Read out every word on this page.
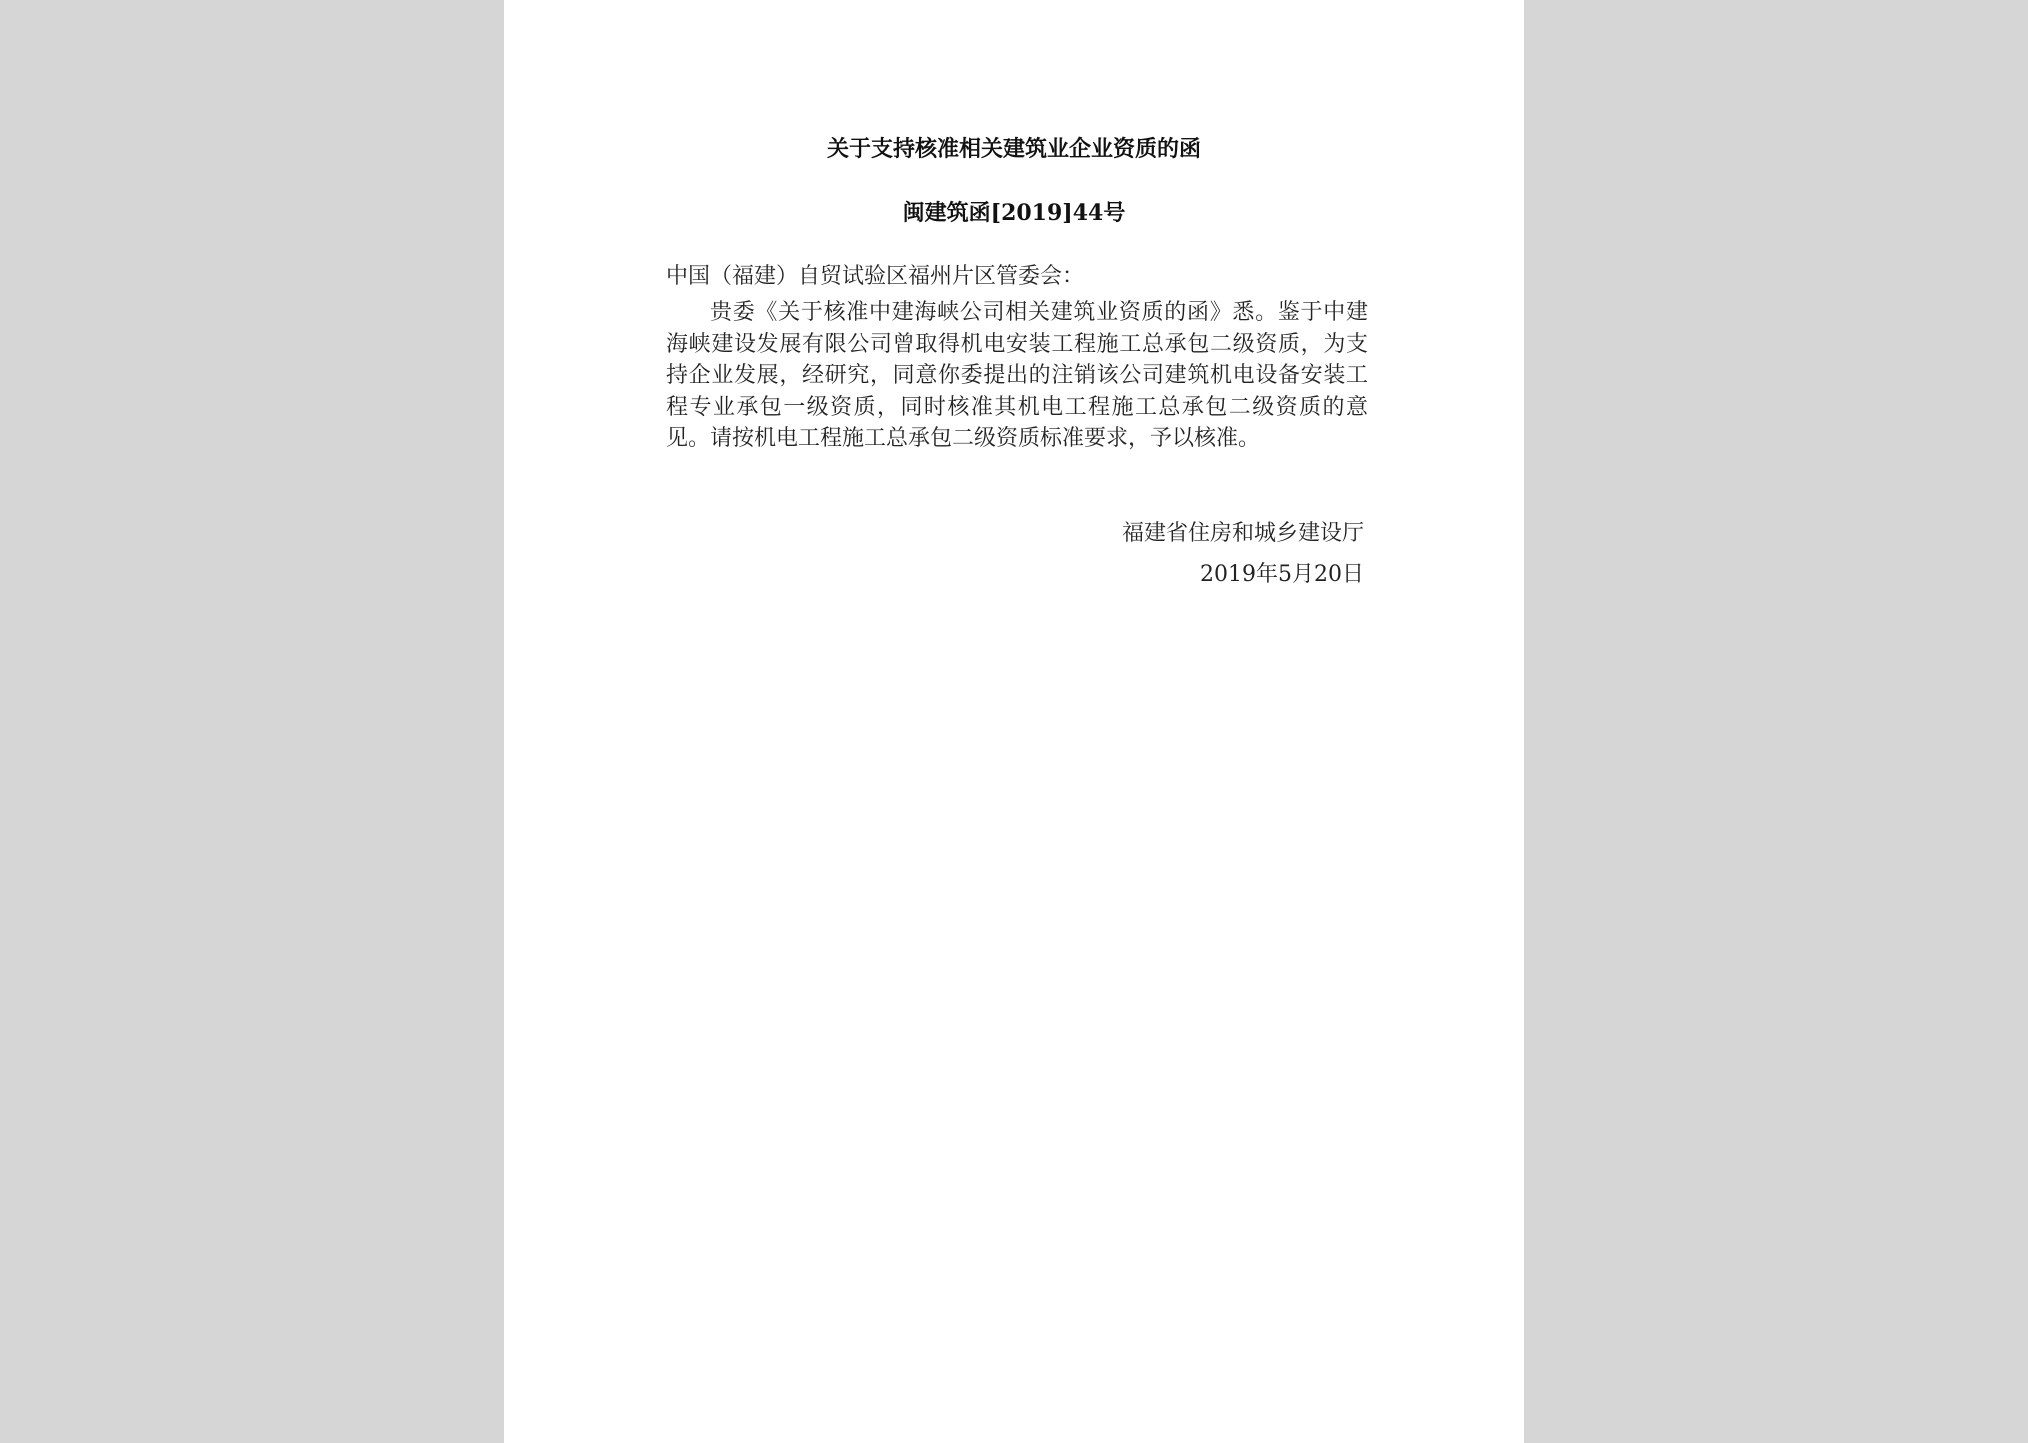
关于支持核准相关建筑业企业资质的函
闽建筑函[2019]44号
中国（福建）自贸试验区福州片区管委会：
贵委《关于核准中建海峡公司相关建筑业资质的函》悉。鉴于中建海峡建设发展有限公司曾取得机电安装工程施工总承包二级资质，为支持企业发展，经研究，同意你委提出的注销该公司建筑机电设备安装工程专业承包一级资质，同时核准其机电工程施工总承包二级资质的意见。请按机电工程施工总承包二级资质标准要求，予以核准。
福建省住房和城乡建设厅
2019年5月20日
